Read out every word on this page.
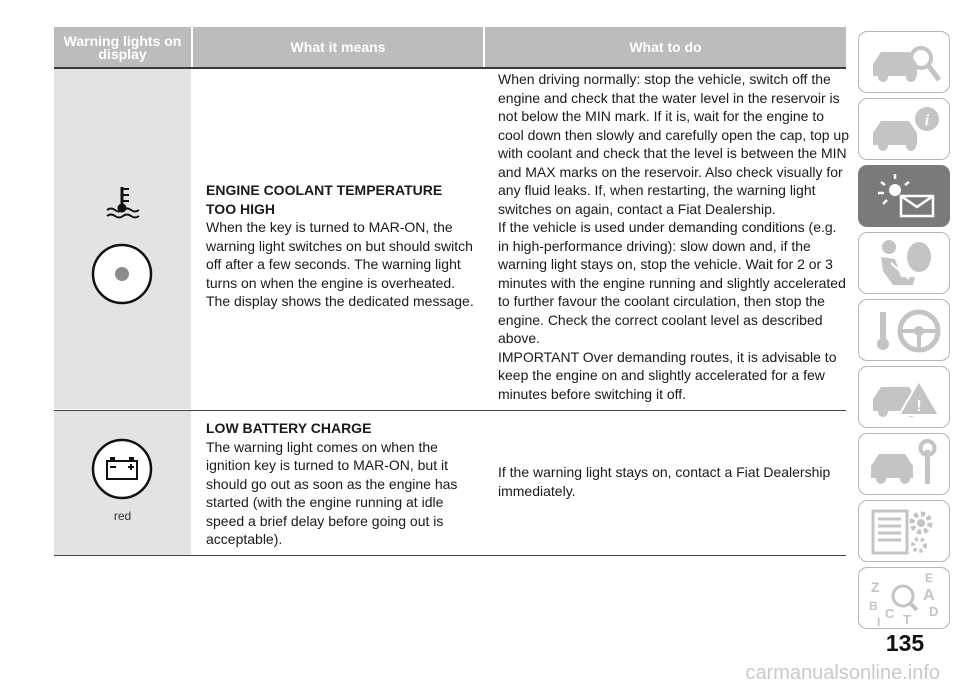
Warning lights on display	What it means	What to do
ENGINE COOLANT TEMPERATURE TOO HIGH
When the key is turned to MAR-ON, the warning light switches on but should switch off after a few seconds. The warning light turns on when the engine is overheated. The display shows the dedicated message.
When driving normally: stop the vehicle, switch off the engine and check that the water level in the reservoir is not below the MIN mark. If it is, wait for the engine to cool down then slowly and carefully open the cap, top up with coolant and check that the level is between the MIN and MAX marks on the reservoir. Also check visually for any fluid leaks. If, when restarting, the warning light switches on again, contact a Fiat Dealership.
If the vehicle is used under demanding conditions (e.g. in high-performance driving): slow down and, if the warning light stays on, stop the vehicle. Wait for 2 or 3 minutes with the engine running and slightly accelerated to further favour the coolant circulation, then stop the engine. Check the correct coolant level as described above.
IMPORTANT Over demanding routes, it is advisable to keep the engine on and slightly accelerated for a few minutes before switching it off.
red
LOW BATTERY CHARGE
The warning light comes on when the ignition key is turned to MAR-ON, but it should go out as soon as the engine has started (with the engine running at idle speed a brief delay before going out is acceptable).
If the warning light stays on, contact a Fiat Dealership immediately.
i
!
Z
E
A
B C T
I
D
135
carmanualsonline.info
